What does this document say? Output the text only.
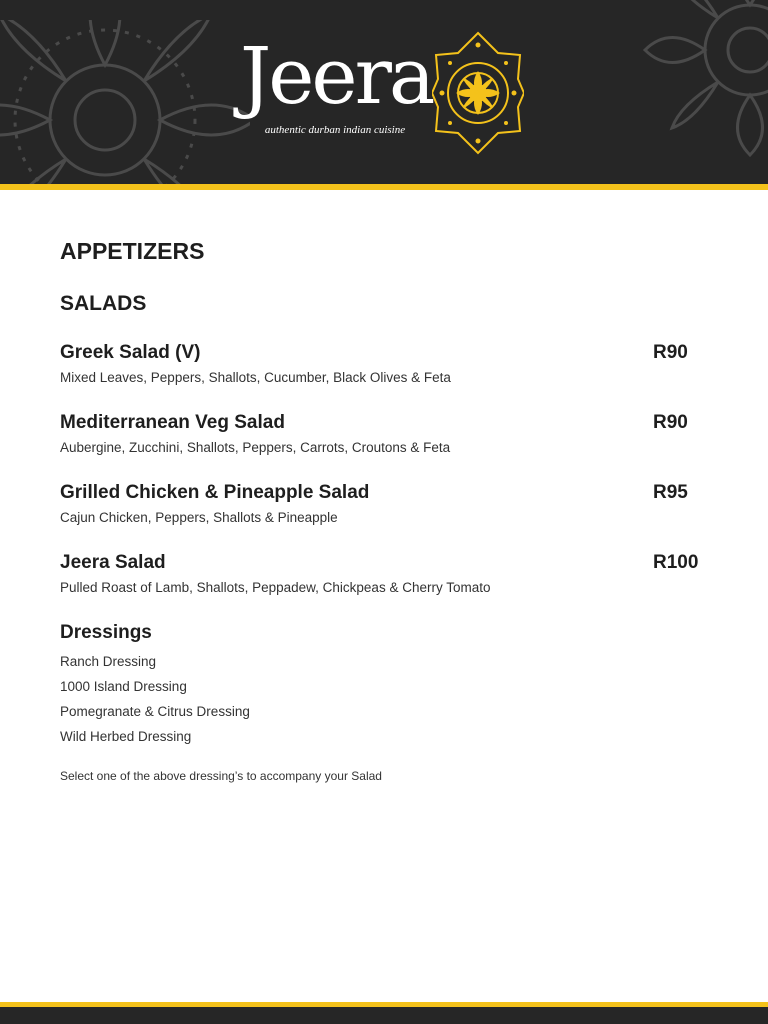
Jeera
authentic durban indian cuisine
APPETIZERS
SALADS
Greek Salad (V)	R90
Mixed Leaves, Peppers, Shallots, Cucumber, Black Olives & Feta
Mediterranean Veg Salad	R90
Aubergine, Zucchini, Shallots, Peppers, Carrots, Croutons & Feta
Grilled Chicken & Pineapple Salad	R95
Cajun Chicken, Peppers, Shallots & Pineapple
Jeera Salad	R100
Pulled Roast of Lamb, Shallots, Peppadew, Chickpeas & Cherry Tomato
Dressings
Ranch Dressing
1000 Island Dressing
Pomegranate & Citrus Dressing
Wild Herbed Dressing
Select one of the above dressing’s to accompany your Salad
